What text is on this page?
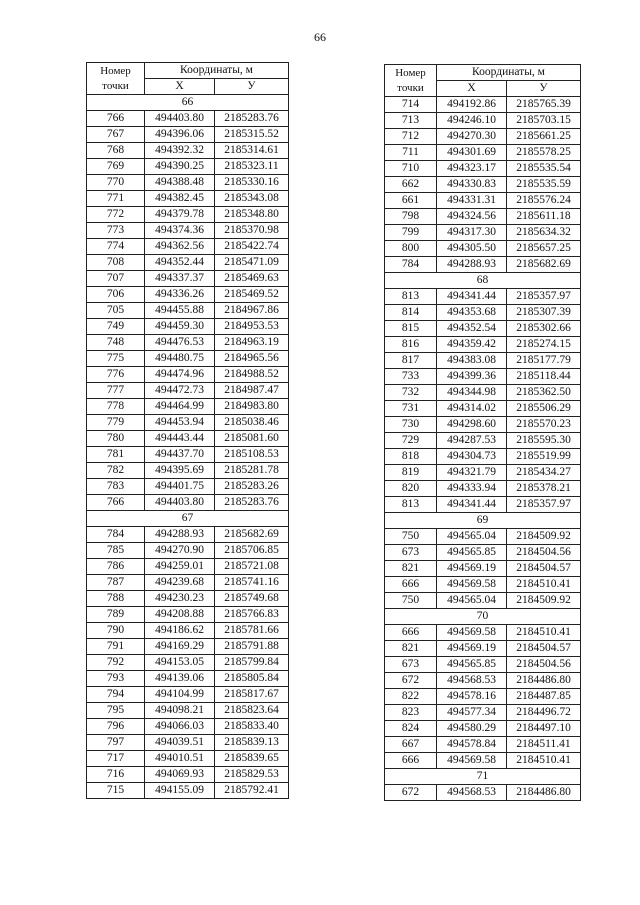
66
Номер
точки	Координаты, м	
	X	У
66		
766	494403.80	2185283.76
767	494396.06	2185315.52
768	494392.32	2185314.61
769	494390.25	2185323.11
770	494388.48	2185330.16
771	494382.45	2185343.08
772	494379.78	2185348.80
773	494374.36	2185370.98
774	494362.56	2185422.74
708	494352.44	2185471.09
707	494337.37	2185469.63
706	494336.26	2185469.52
705	494455.88	2184967.86
749	494459.30	2184953.53
748	494476.53	2184963.19
775	494480.75	2184965.56
776	494474.96	2184988.52
777	494472.73	2184987.47
778	494464.99	2184983.80
779	494453.94	2185038.46
780	494443.44	2185081.60
781	494437.70	2185108.53
782	494395.69	2185281.78
783	494401.75	2185283.26
766	494403.80	2185283.76
67		
784	494288.93	2185682.69
785	494270.90	2185706.85
786	494259.01	2185721.08
787	494239.68	2185741.16
788	494230.23	2185749.68
789	494208.88	2185766.83
790	494186.62	2185781.66
791	494169.29	2185791.88
792	494153.05	2185799.84
793	494139.06	2185805.84
794	494104.99	2185817.67
795	494098.21	2185823.64
796	494066.03	2185833.40
797	494039.51	2185839.13
717	494010.51	2185839.65
716	494069.93	2185829.53
715	494155.09	2185792.41
Номер
точки	Координаты, м	
	X	У
714	494192.86	2185765.39
713	494246.10	2185703.15
712	494270.30	2185661.25
711	494301.69	2185578.25
710	494323.17	2185535.54
662	494330.83	2185535.59
661	494331.31	2185576.24
798	494324.56	2185611.18
799	494317.30	2185634.32
800	494305.50	2185657.25
784	494288.93	2185682.69
68		
813	494341.44	2185357.97
814	494353.68	2185307.39
815	494352.54	2185302.66
816	494359.42	2185274.15
817	494383.08	2185177.79
733	494399.36	2185118.44
732	494344.98	2185362.50
731	494314.02	2185506.29
730	494298.60	2185570.23
729	494287.53	2185595.30
818	494304.73	2185519.99
819	494321.79	2185434.27
820	494333.94	2185378.21
813	494341.44	2185357.97
69		
750	494565.04	2184509.92
673	494565.85	2184504.56
821	494569.19	2184504.57
666	494569.58	2184510.41
750	494565.04	2184509.92
70		
666	494569.58	2184510.41
821	494569.19	2184504.57
673	494565.85	2184504.56
672	494568.53	2184486.80
822	494578.16	2184487.85
823	494577.34	2184496.72
824	494580.29	2184497.10
667	494578.84	2184511.41
666	494569.58	2184510.41
71		
672	494568.53	2184486.80
